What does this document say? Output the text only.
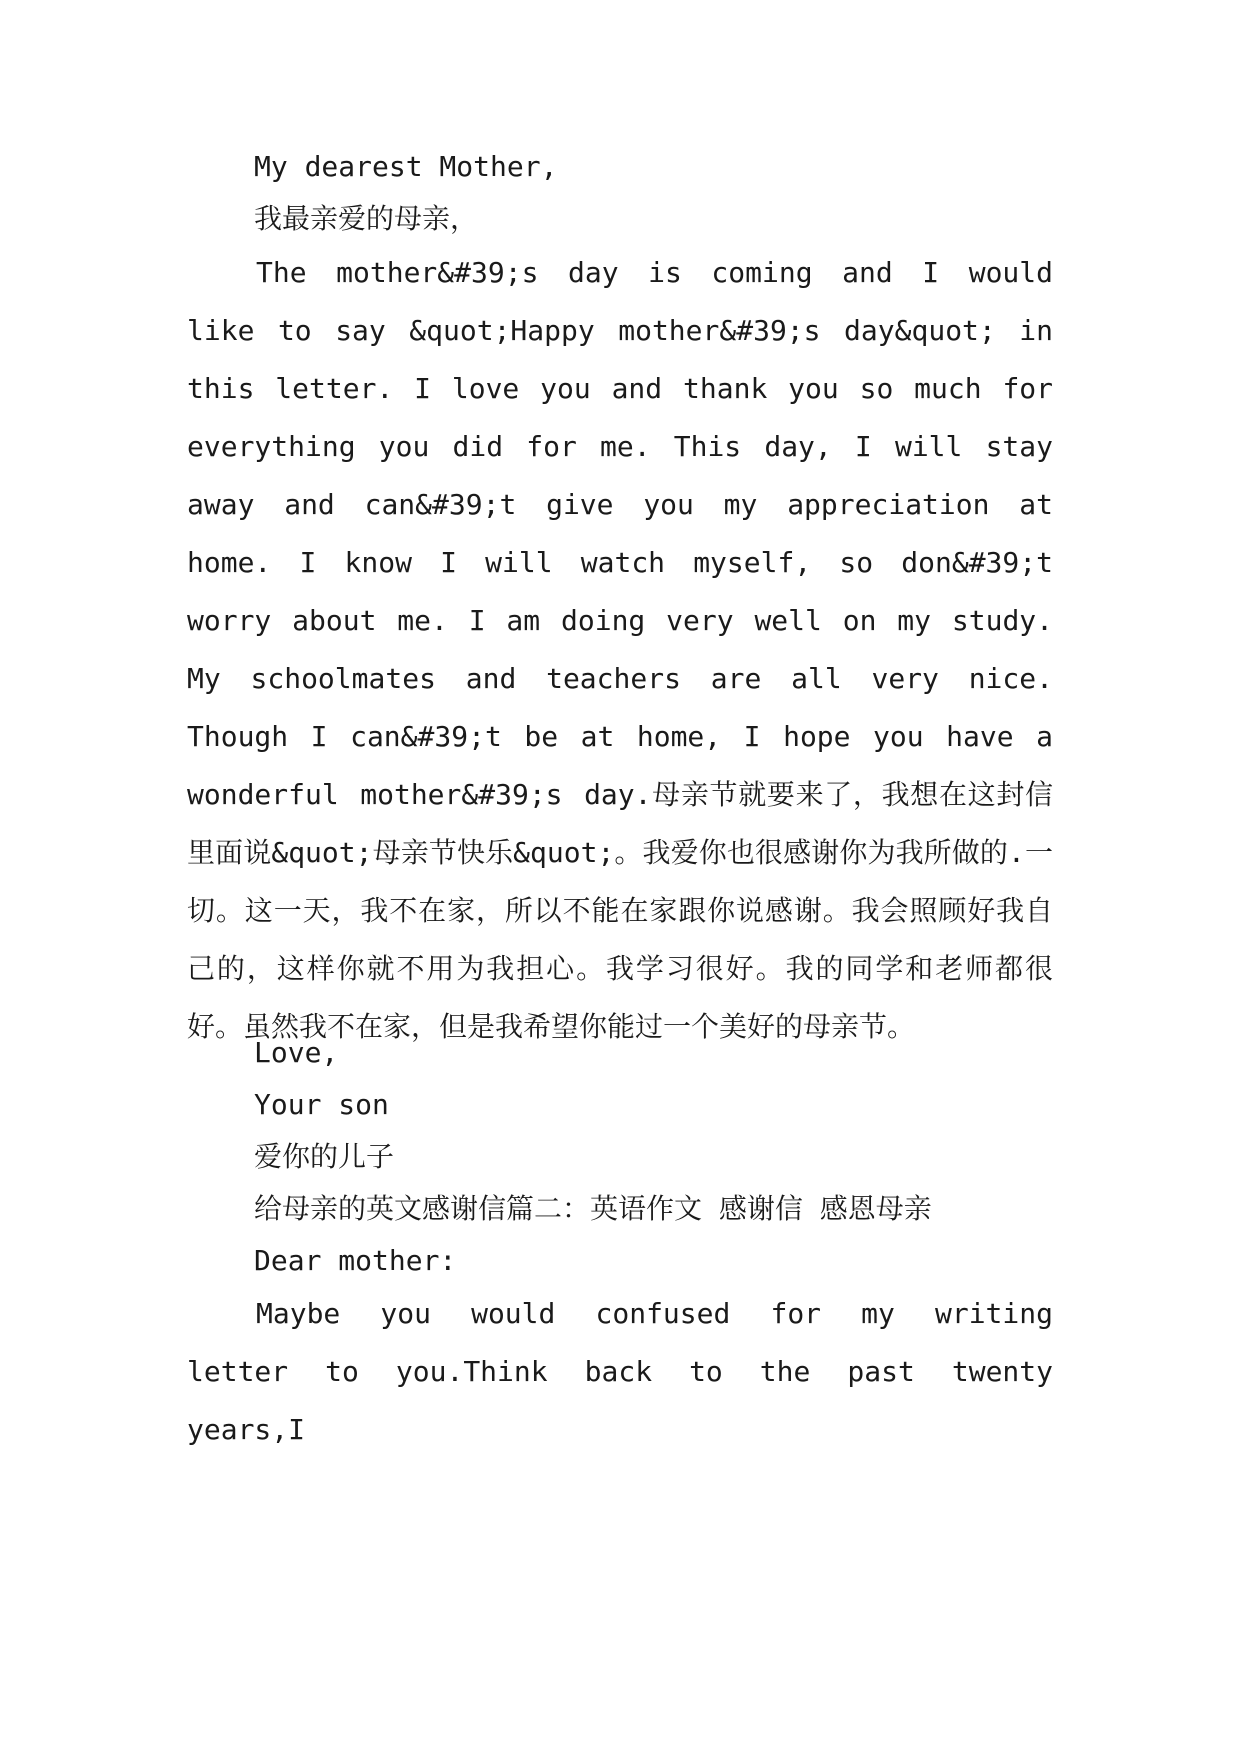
My dearest Mother,
我最亲爱的母亲，
The mother&#39;s day is coming and I would like to say &quot;Happy mother&#39;s day&quot; in this letter. I love you and thank you so much for everything you did for me. This day, I will stay away and can&#39;t give you my appreciation at home. I know I will watch myself, so don&#39;t worry about me. I am doing very well on my study. My schoolmates and teachers are all very nice. Though I can&#39;t be at home, I hope you have a wonderful mother&#39;s day.母亲节就要来了，我想在这封信里面说&quot;母亲节快乐&quot;。我爱你也很感谢你为我所做的.一切。这一天，我不在家，所以不能在家跟你说感谢。我会照顾好我自己的，这样你就不用为我担心。我学习很好。我的同学和老师都很好。虽然我不在家，但是我希望你能过一个美好的母亲节。
Love,
Your son
爱你的儿子
给母亲的英文感谢信篇二：英语作文 感谢信 感恩母亲
Dear mother:
Maybe you would confused for my writing letter to you.Think back to the past twenty years,I
